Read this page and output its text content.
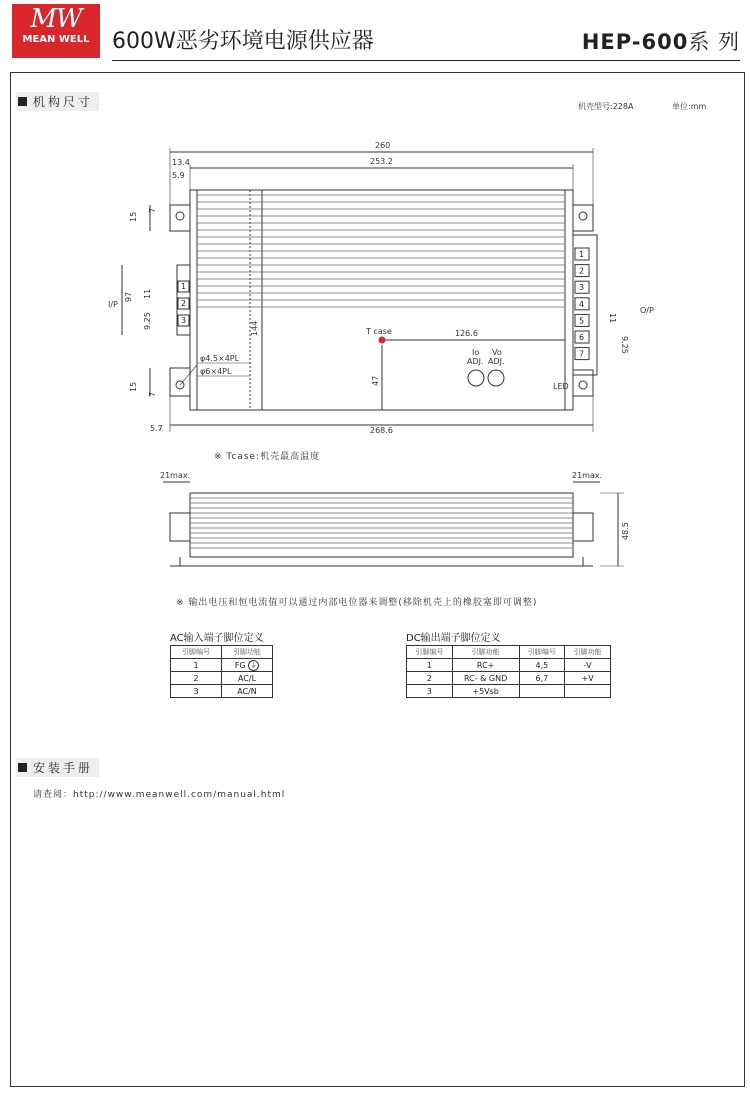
MW
MEAN WELL	600W恶劣环境电源供应器	HEP-600系 列
机构尺寸	机壳型号:228A	单位:mm
1
2
3
1
2
3
4
5
6
7
260
253.2
13.4
5.9
15
7
97 11
9.25	144
47
15
7
5.7	268.6
126.6
9.25
11
φ4.5×4PL
φ6×4PL
T case
Io Vo
ADJ. ADJ.
LED
I/P
O/P
※ Tcase:机壳最高温度
21max.	21max.
48.5
※ 输出电压和恒电流值可以通过内部电位器来调整(移除机壳上的橡胶塞即可调整)
AC输入端子脚位定义
引脚编号	引脚功能
1	FG ⏚
2	AC/L
3	AC/N
DC输出端子脚位定义
引脚编号	引脚功能	引脚编号	引脚功能
1	RC+	4,5	-V
2	RC- & GND	6,7	+V
3	+5Vsb		
安装手册
请查阅：http://www.meanwell.com/manual.html
